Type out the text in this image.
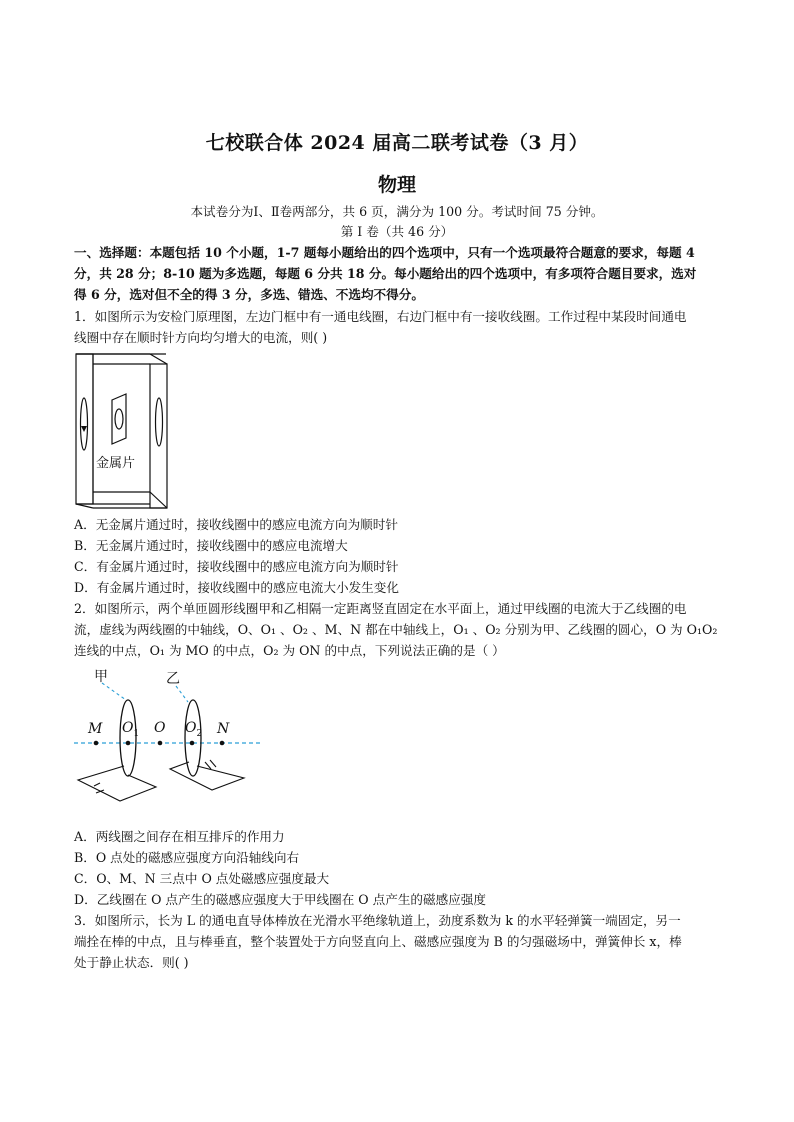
七校联合体 2024 届高二联考试卷（3 月）
物理
本试卷分为Ⅰ、Ⅱ卷两部分，共 6 页，满分为 100 分。考试时间 75 分钟。
第 Ⅰ 卷（共 46 分）
一、选择题：本题包括 10 个小题，1-7 题每小题给出的四个选项中，只有一个选项最符合题意的要求，每题 4
分，共 28 分；8-10 题为多选题，每题 6 分共 18 分。每小题给出的四个选项中，有多项符合题目要求，选对
得 6 分，选对但不全的得 3 分，多选、错选、不选均不得分。
1．如图所示为安检门原理图，左边门框中有一通电线圈，右边门框中有一接收线圈。工作过程中某段时间通电
线圈中存在顺时针方向均匀增大的电流，则( )
金属片
A．无金属片通过时，接收线圈中的感应电流方向为顺时针
B．无金属片通过时，接收线圈中的感应电流增大
C．有金属片通过时，接收线圈中的感应电流方向为顺时针
D．有金属片通过时，接收线圈中的感应电流大小发生变化
2．如图所示，两个单匝圆形线圈甲和乙相隔一定距离竖直固定在水平面上，通过甲线圈的电流大于乙线圈的电
流，虚线为两线圈的中轴线，O、O₁ 、O₂ 、M、N 都在中轴线上，O₁ 、O₂ 分别为甲、乙线圈的圆心，O 为 O₁O₂
连线的中点，O₁ 为 MO 的中点，O₂ 为 ON 的中点，下列说法正确的是（ ）
甲	乙
M $O_1$ O $O_2$ N
A．两线圈之间存在相互排斥的作用力
B．O 点处的磁感应强度方向沿轴线向右
C．O、M、N 三点中 O 点处磁感应强度最大
D．乙线圈在 O 点产生的磁感应强度大于甲线圈在 O 点产生的磁感应强度
3．如图所示，长为 L 的通电直导体棒放在光滑水平绝缘轨道上，劲度系数为 k 的水平轻弹簧一端固定，另一
端拴在棒的中点，且与棒垂直，整个装置处于方向竖直向上、磁感应强度为 B 的匀强磁场中，弹簧伸长 x，棒
处于静止状态．则( )
